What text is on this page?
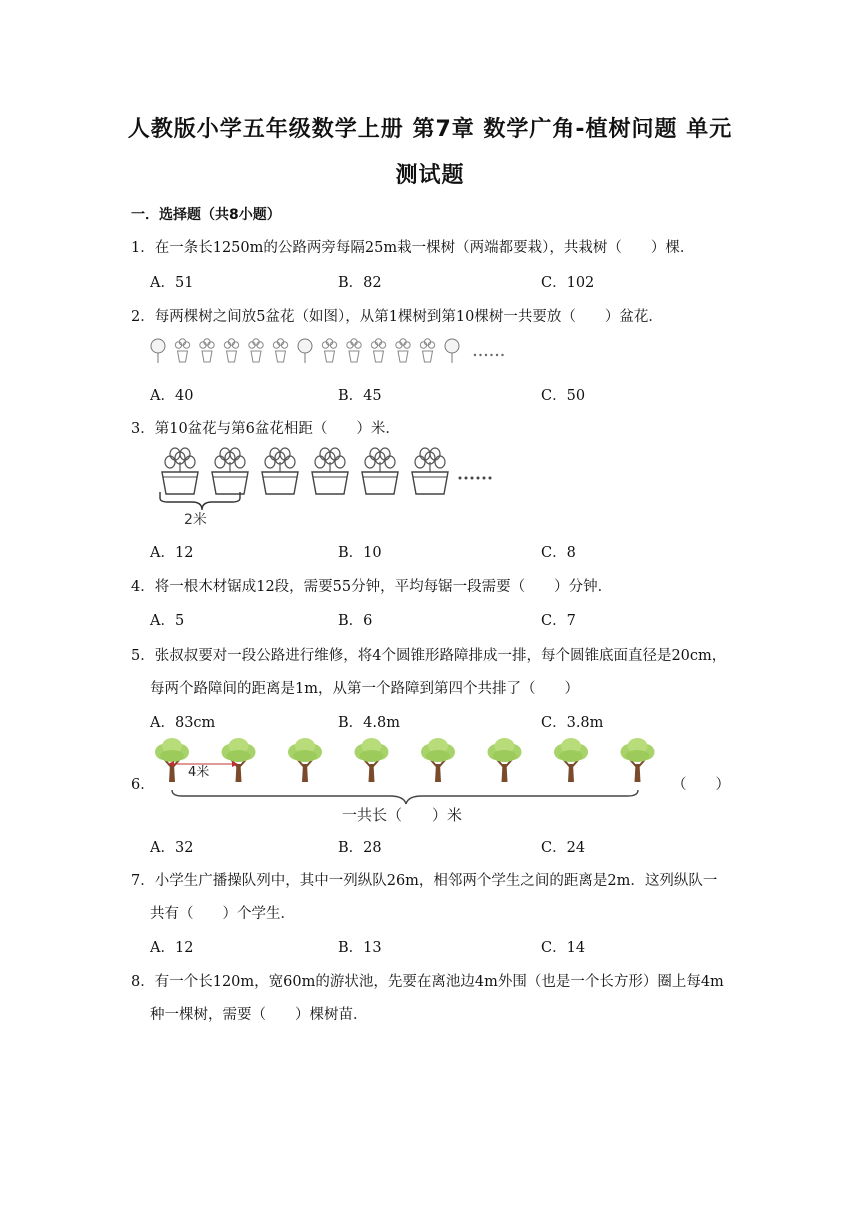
人教版小学五年级数学上册 第7章 数学广角-植树问题 单元
测试题
一．选择题（共8小题）
1．在一条长1250m的公路两旁每隔25m栽一棵树（两端都要栽），共栽树（　　）棵．
A．51	B．82	C．102
2．每两棵树之间放5盆花（如图），从第1棵树到第10棵树一共要放（　　）盆花．
A．40	B．45	C．50
3．第10盆花与第6盆花相距（　　）米．
2米
A．12	B．10	C．8
4．将一根木材锯成12段，需要55分钟，平均每锯一段需要（　　）分钟．
A．5	B．6	C．7
5．张叔叔要对一段公路进行维修，将4个圆锥形路障排成一排，每个圆锥底面直径是20cm，
每两个路障间的距离是1m，从第一个路障到第四个共排了（　　）
A．83cm	B．4.8m	C．3.8m
6．
4米
一共长（　　）米
（　　）
A．32	B．28	C．24
7．小学生广播操队列中，其中一列纵队26m，相邻两个学生之间的距离是2m．这列纵队一
共有（　　）个学生．
A．12	B．13	C．14
8．有一个长120m，宽60m的游状池，先要在离池边4m外围（也是一个长方形）圈上每4m
种一棵树，需要（　　）棵树苗．
